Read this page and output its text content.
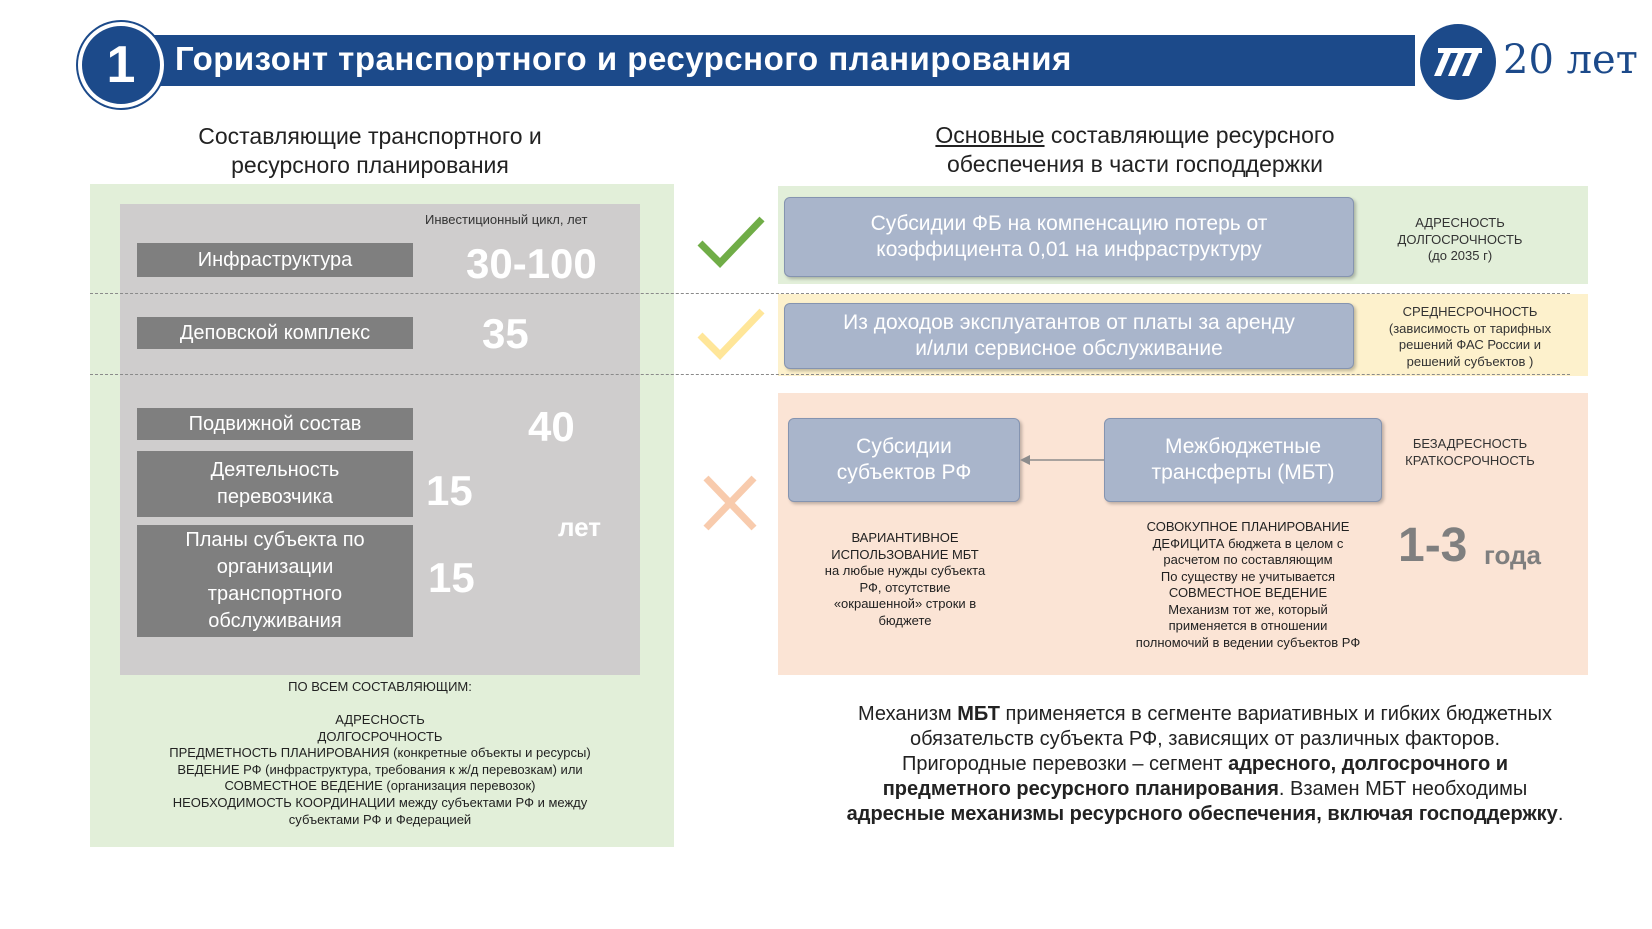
Горизонт транспортного и ресурсного планирования
1	20 лет
Составляющие транспортного и
ресурсного планирования
Основные составляющие ресурсного
обеспечения в части господдержки
Инвестиционный цикл, лет
Инфраструктура	30-100
Деповской комплекс	35
Подвижной состав	40
Деятельность
перевозчика 15
Планы субъекта по
организации
транспортного
обслуживания
15
лет
ПО ВСЕМ СОСТАВЛЯЮЩИМ:
АДРЕСНОСТЬ
ДОЛГОСРОЧНОСТЬ
ПРЕДМЕТНОСТЬ ПЛАНИРОВАНИЯ (конкретные объекты и ресурсы)
ВЕДЕНИЕ РФ (инфраструктура, требования к ж/д перевозкам) или
СОВМЕСТНОЕ ВЕДЕНИЕ (организация перевозок)
НЕОБХОДИМОСТЬ КООРДИНАЦИИ между субъектами РФ и между
субъектами РФ и Федерацией
Субсидии ФБ на компенсацию потерь от
коэффициента 0,01 на инфраструктуру
АДРЕСНОСТЬ
ДОЛГОСРОЧНОСТЬ
(до 2035 г)
Из доходов эксплуатантов от платы за аренду
и/или сервисное обслуживание
СРЕДНЕСРОЧНОСТЬ
(зависимость от тарифных
решений ФАС России и
решений субъектов )
Субсидии
субъектов РФ
Межбюджетные
трансферты (МБТ)
БЕЗАДРЕСНОСТЬ
КРАТКОСРОЧНОСТЬ
ВАРИАНТИВНОЕ
ИСПОЛЬЗОВАНИЕ МБТ
на любые нужды субъекта
РФ, отсутствие
«окрашенной» строки в
бюджете
СОВОКУПНОЕ ПЛАНИРОВАНИЕ
ДЕФИЦИТА бюджета в целом с
расчетом по составляющим
По существу не учитывается
СОВМЕСТНОЕ ВЕДЕНИЕ
Механизм тот же, который
применяется в отношении
полномочий в ведении субъектов РФ
1-3 года
Механизм МБТ применяется в сегменте вариативных и гибких бюджетных
обязательств субъекта РФ, зависящих от различных факторов.
Пригородные перевозки – сегмент адресного, долгосрочного и
предметного ресурсного планирования. Взамен МБТ необходимы
адресные механизмы ресурсного обеспечения, включая господдержку.
